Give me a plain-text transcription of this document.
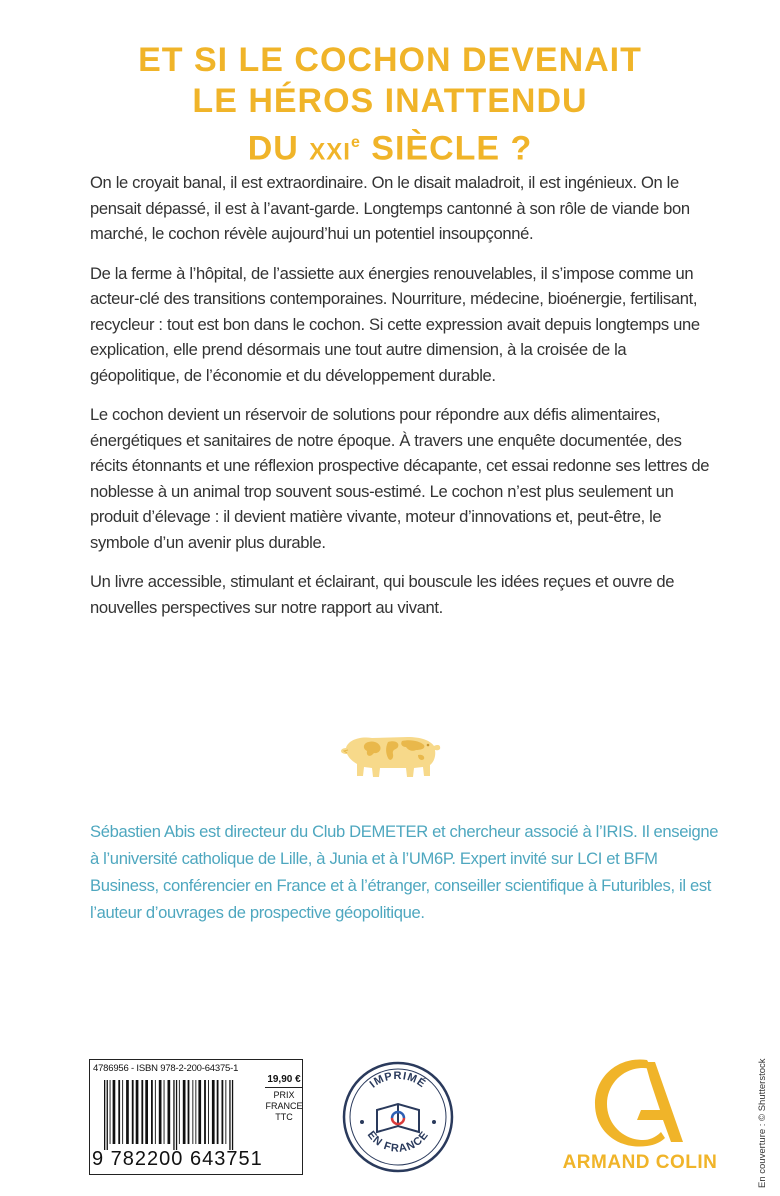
ET SI LE COCHON DEVENAIT
LE HÉROS INATTENDU
DU XXIe SIÈCLE ?

On le croyait banal, il est extraordinaire. On le disait maladroit, il est ingénieux. On le pensait dépassé, il est à l’avant-garde. Longtemps cantonné à son rôle de viande bon marché, le cochon révèle aujourd’hui un potentiel insoupçonné.

De la ferme à l’hôpital, de l’assiette aux énergies renouvelables, il s’impose comme un acteur-clé des transitions contemporaines. Nourriture, médecine, bioénergie, fertilisant, recycleur : tout est bon dans le cochon. Si cette expression avait depuis longtemps une explication, elle prend désormais une tout autre dimension, à la croisée de la géopolitique, de l’économie et du développement durable.

Le cochon devient un réservoir de solutions pour répondre aux défis alimentaires, énergétiques et sanitaires de notre époque. À travers une enquête documentée, des récits étonnants et une réflexion prospective décapante, cet essai redonne ses lettres de noblesse à un animal trop souvent sous-estimé. Le cochon n’est plus seulement un produit d’élevage : il devient matière vivante, moteur d’innovations et, peut-être, le symbole d’un avenir plus durable.

Un livre accessible, stimulant et éclairant, qui bouscule les idées reçues et ouvre de nouvelles perspectives sur notre rapport au vivant.

Sébastien Abis est directeur du Club DEMETER et chercheur associé à l’IRIS. Il enseigne à l’université catholique de Lille, à Junia et à l’UM6P. Expert invité sur LCI et BFM Business, conférencier en France et à l’étranger, conseiller scientifique à Futuribles, il est l’auteur d’ouvrages de prospective géopolitique.
4786956 - ISBN 978-2-200-64375-1
9 782200 643751
19,90 €
PRIX
FRANCE
TTC
IMPRIMÉ
EN FRANCE
ARMAND COLIN	En couverture : © Shutterstock
